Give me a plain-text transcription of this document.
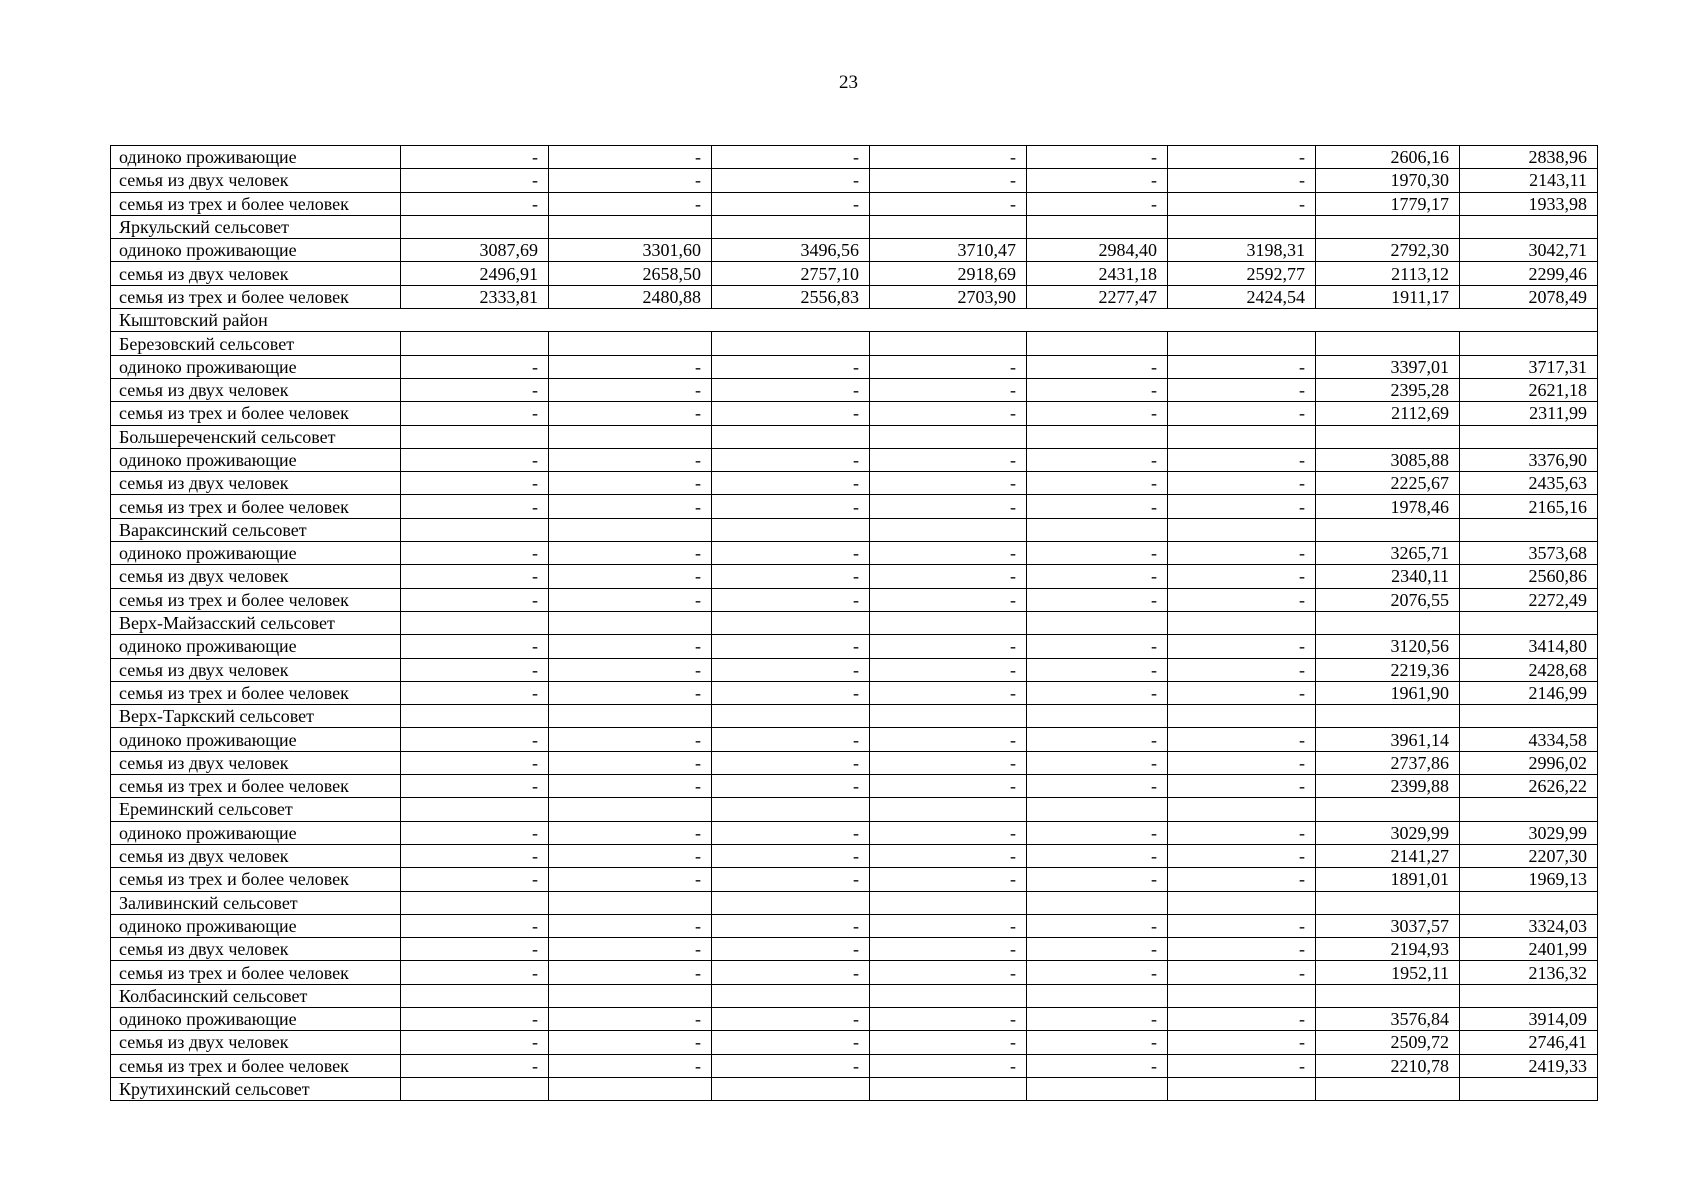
23
одиноко проживающие	-	-	-	-	-	-	2606,16	2838,96
семья из двух человек	-	-	-	-	-	-	1970,30	2143,11
семья из трех и более человек	-	-	-	-	-	-	1779,17	1933,98
Яркульский сельсовет								
одиноко проживающие	3087,69	3301,60	3496,56	3710,47	2984,40	3198,31	2792,30	3042,71
семья из двух человек	2496,91	2658,50	2757,10	2918,69	2431,18	2592,77	2113,12	2299,46
семья из трех и более человек	2333,81	2480,88	2556,83	2703,90	2277,47	2424,54	1911,17	2078,49
Кыштовский район								
Березовский сельсовет								
одиноко проживающие	-	-	-	-	-	-	3397,01	3717,31
семья из двух человек	-	-	-	-	-	-	2395,28	2621,18
семья из трех и более человек	-	-	-	-	-	-	2112,69	2311,99
Большереченский сельсовет								
одиноко проживающие	-	-	-	-	-	-	3085,88	3376,90
семья из двух человек	-	-	-	-	-	-	2225,67	2435,63
семья из трех и более человек	-	-	-	-	-	-	1978,46	2165,16
Вараксинский сельсовет								
одиноко проживающие	-	-	-	-	-	-	3265,71	3573,68
семья из двух человек	-	-	-	-	-	-	2340,11	2560,86
семья из трех и более человек	-	-	-	-	-	-	2076,55	2272,49
Верх-Майзасский сельсовет								
одиноко проживающие	-	-	-	-	-	-	3120,56	3414,80
семья из двух человек	-	-	-	-	-	-	2219,36	2428,68
семья из трех и более человек	-	-	-	-	-	-	1961,90	2146,99
Верх-Таркский сельсовет								
одиноко проживающие	-	-	-	-	-	-	3961,14	4334,58
семья из двух человек	-	-	-	-	-	-	2737,86	2996,02
семья из трех и более человек	-	-	-	-	-	-	2399,88	2626,22
Ереминский сельсовет								
одиноко проживающие	-	-	-	-	-	-	3029,99	3029,99
семья из двух человек	-	-	-	-	-	-	2141,27	2207,30
семья из трех и более человек	-	-	-	-	-	-	1891,01	1969,13
Заливинский сельсовет								
одиноко проживающие	-	-	-	-	-	-	3037,57	3324,03
семья из двух человек	-	-	-	-	-	-	2194,93	2401,99
семья из трех и более человек	-	-	-	-	-	-	1952,11	2136,32
Колбасинский сельсовет								
одиноко проживающие	-	-	-	-	-	-	3576,84	3914,09
семья из двух человек	-	-	-	-	-	-	2509,72	2746,41
семья из трех и более человек	-	-	-	-	-	-	2210,78	2419,33
Крутихинский сельсовет								
